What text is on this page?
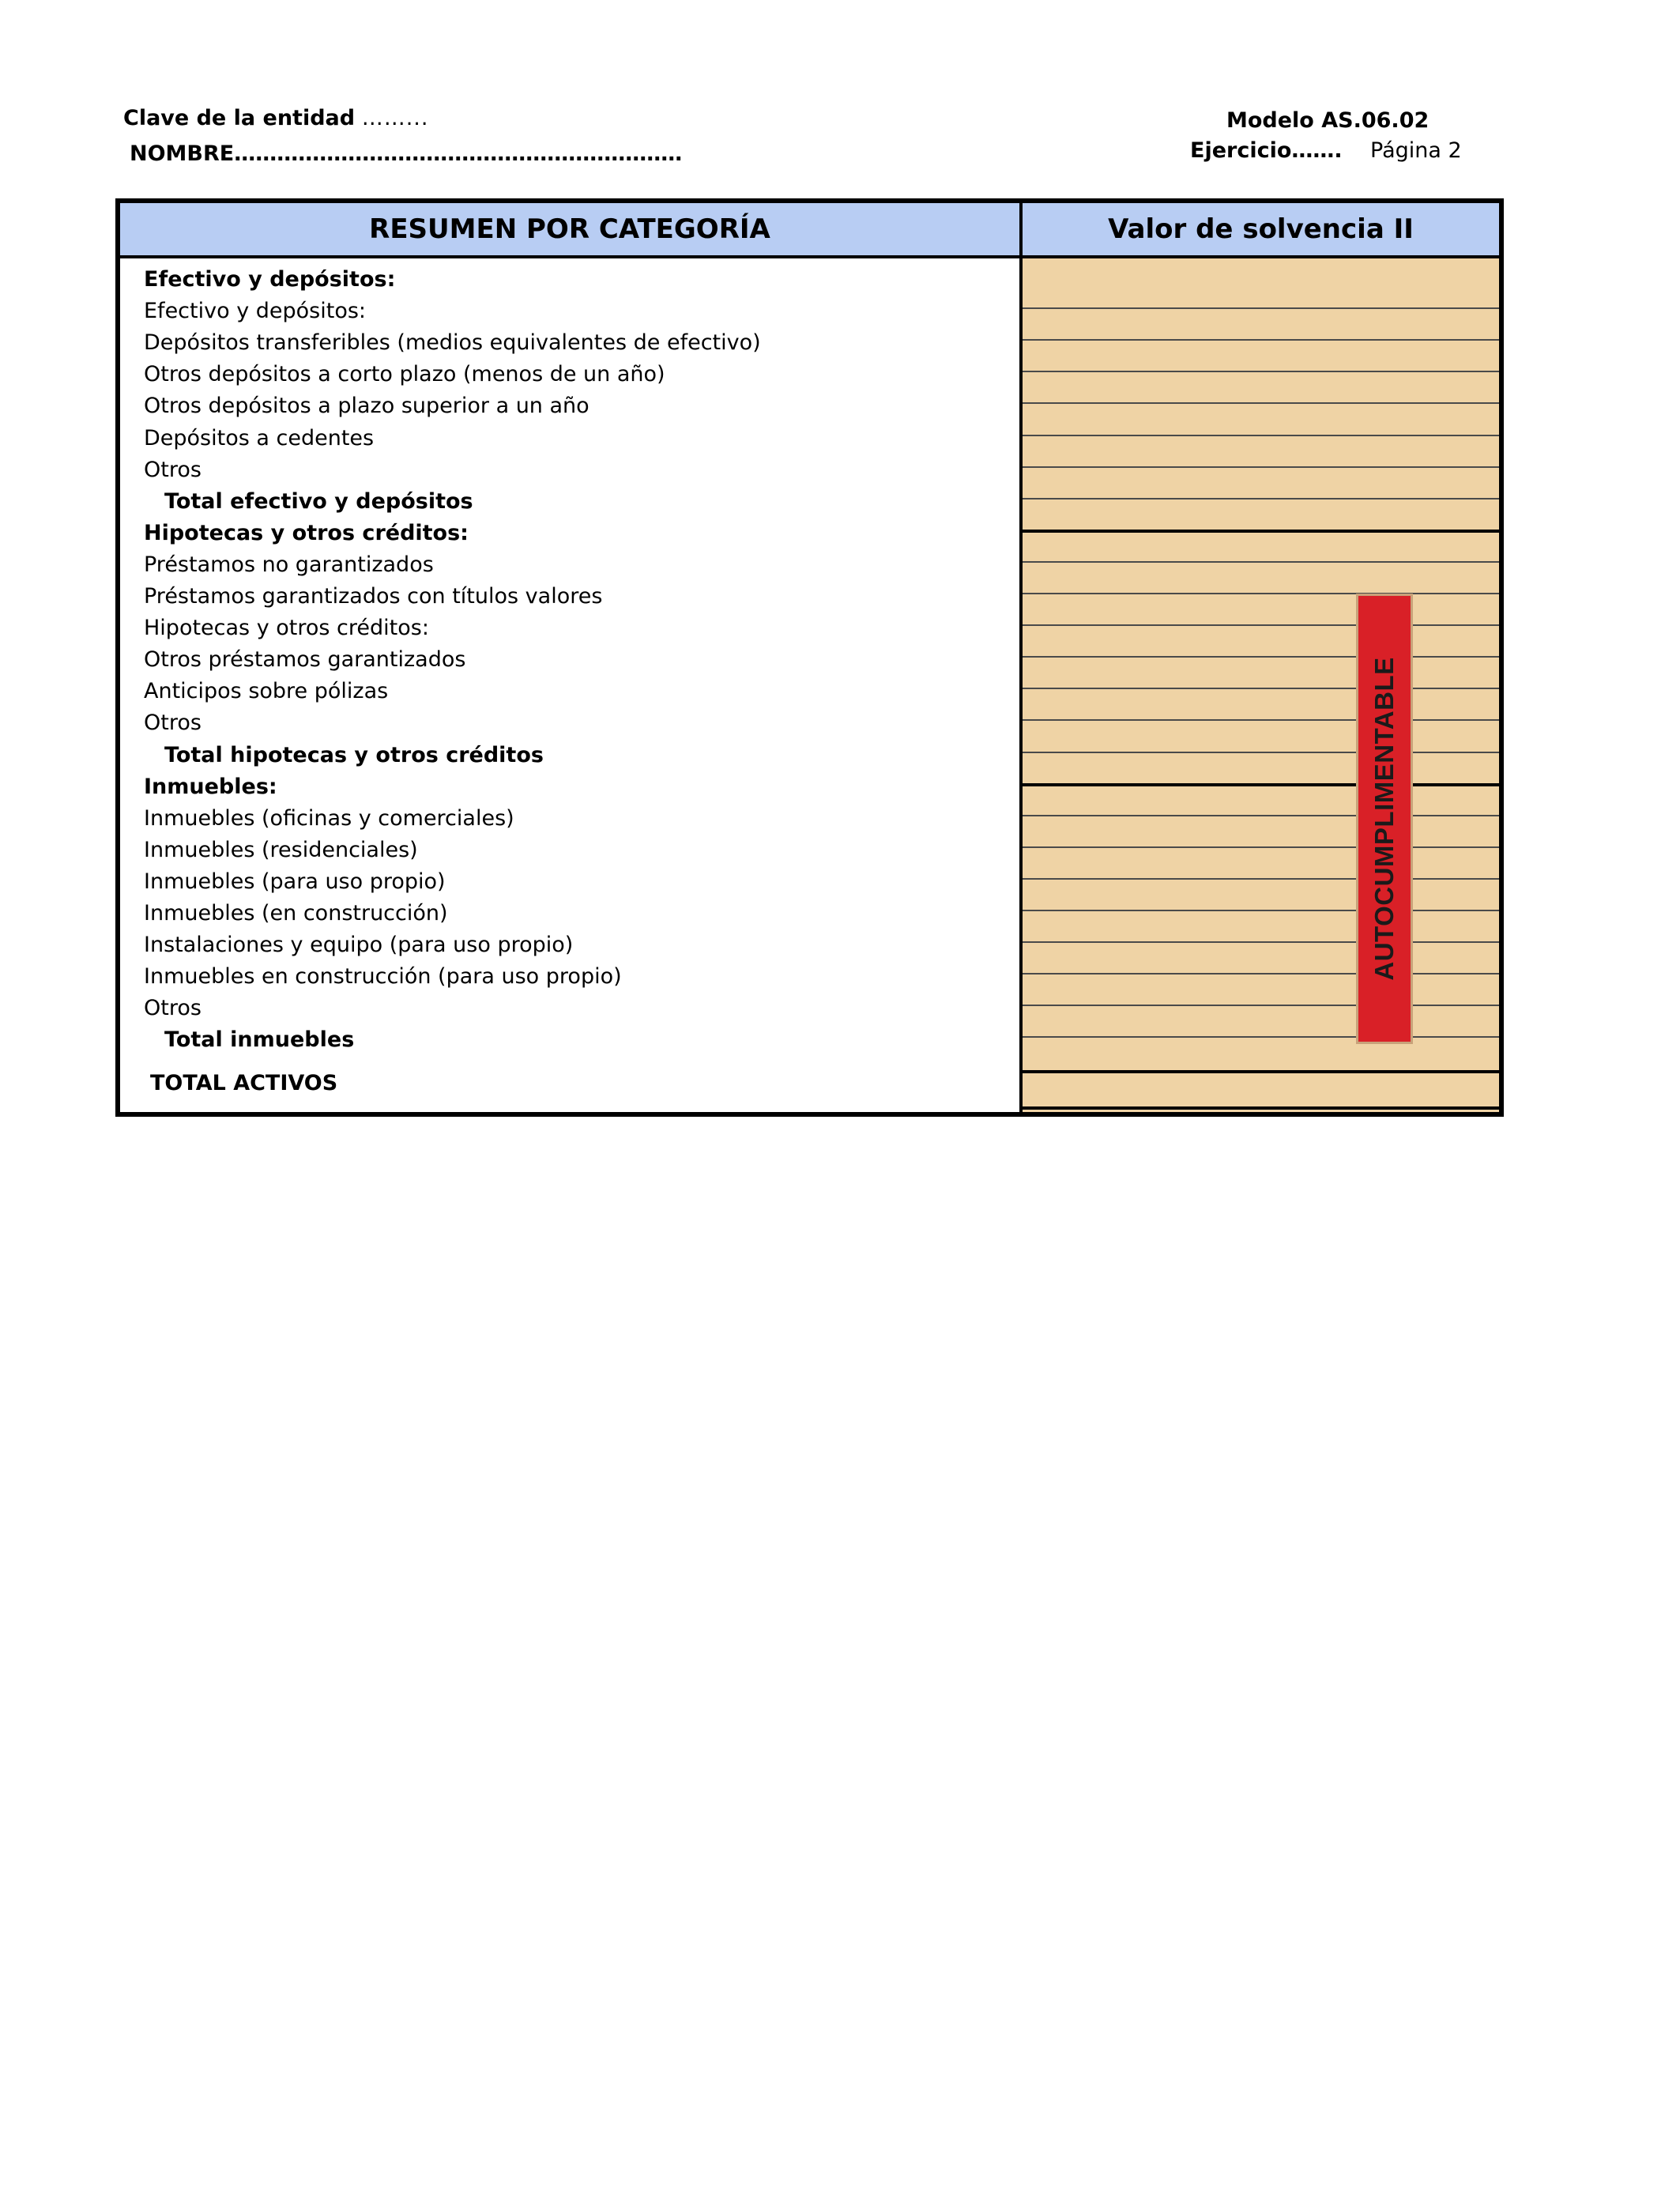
Clave de la entidad ……...
NOMBRE………………………………………………………
Modelo AS.06.02
Ejercicio……. Página 2
RESUMEN POR CATEGORÍA	Valor de solvencia II
Efectivo y depósitos:
Efectivo y depósitos:
Depósitos transferibles (medios equivalentes de efectivo)
Otros depósitos a corto plazo (menos de un año)
Otros depósitos a plazo superior a un año
Depósitos a cedentes
Otros
Total efectivo y depósitos
Hipotecas y otros créditos:
Préstamos no garantizados
Préstamos garantizados con títulos valores
Hipotecas y otros créditos:
Otros préstamos garantizados
Anticipos sobre pólizas
Otros
Total hipotecas y otros créditos
Inmuebles:
Inmuebles (oficinas y comerciales)
Inmuebles (residenciales)
Inmuebles (para uso propio)
Inmuebles (en construcción)
Instalaciones y equipo (para uso propio)
Inmuebles en construcción (para uso propio)
Otros
Total inmuebles
TOTAL ACTIVOS
AUTOCUMPLIMENTABLE
